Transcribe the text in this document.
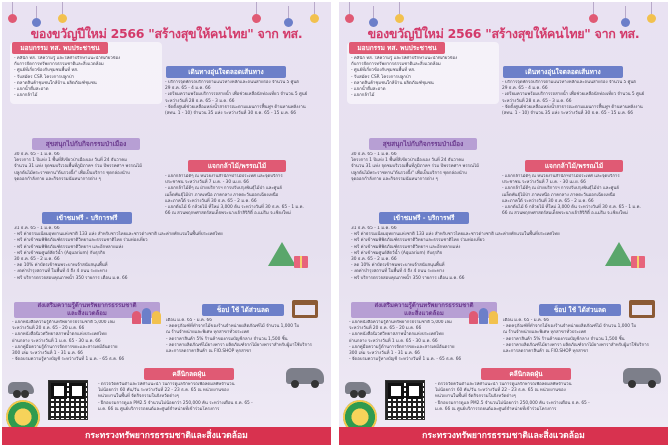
ของขวัญปีใหม่ 2566 "สร้างสุขให้คนไทย" จาก ทส.
มอบกรรม ทส. พบประชาชน
- คลินิก ทส. ให้ความรู้ และให้คำปรึกษาแนะนำที่เกี่ยวข้อง
กับการจัดการทรัพยากรธรรมชาติและสิ่งแวดล้อม
- ศูนย์ที่เกี่ยวข้องกับชุมชนพื้นที่ ทส.
- รับสมัคร CSR โครงการปลูกป่า
- ตลาดสินค้าชุมชนใกล้บ้าน ผลิตภัณฑ์ชุมชน
- แจกน้ำดื่มสะอาด
- แจกกล้าไม้
เดินทางอุ่นใจตลอดเส้นทาง
- บริการจุดพักรถบริการตามแนวทางหลักและถนนสายรอง จำนวน 5 ศูนย์
29 ธ.ค. 65 - 4 ม.ค. 66
- เตรียมความพร้อมบริการรถสายน้ำ เพื่อช่วยเหลือนักท่องเที่ยว จำนวน 5 ศูนย์
ระหว่างวันที่ 28 ธ.ค. 65 - 3 ม.ค. 66
- จัดตั้งศูนย์ช่วยเหลือแหล่งน้ำสาธารณะตามแผนการฟื้นฟูฯ ต้านทานพลังงาน
(สทน. 1 - 10) จำนวน 35 แห่ง ระหว่างวันที่ 30 ธ.ค. 65 - 15 ม.ค. 66
สุขสนุกไปกับกิจกรรมป่าเมือง
30 ธ.ค. 65 - 1 ม.ค. 66
โครงการ 1 ปีแห่ง 1 พื้นที่สีเขียวป่าเมืองเอง วันที่ 24 ธันวาคม
จำนวน 31 แห่ง จุดชมบริเวณพื้นที่ภูมิภาคฯ ร่วม ปีพรรคศาฯ พรรณไม้
ปลูกต้นไม้พระราชทาน"ต้นรวงผึ้ง" เพื่อเป็นบริการ ชุดกล่องนำบ
จุดออกกำลังกาย และกิจกรรมนันทนาการต่าง ๆ
แจกกล้าไม้/พรรณไม้
- แจกกล้าไม้ดีๆ ณ หน่วยงานสำนักฯป่าไม้ประเทศ และจุดบริการ
ประชาชน ระหว่างวันที่ 7 ม.ค. - 30 เม.ย. 66
- แจกกล้าไม้ดีๆ ณ ฝ่ายบริการฯ การปรับปรุงพันธุ์ไม้ป่า และศูนย์
เมล็ดพันธุ์ไม้ป่า ภาคเหนือ ภาคกลาง ภาคตะวันออกเฉียงเหนือ
และภาคใต้ ระหว่างวันที่ 30 ธ.ค. 65 - 2 ม.ค. 66
- แจกต้นไม้ 6 กล้วยไม้ ที่ใหม่ 3,000 ต้น ระหว่างวันที่ 30 ธ.ค. 65 - 1 ม.ค.
66 ณ สวนพฤกษศาสตร์สมเด็จพระนางเจ้าสิริกิติ์ อ.แม่ริม จ.เชียงใหม่
เข้าชมฟรี - บริการฟรี
31 ธ.ค. 65 - 1 ม.ค. 66
- ฟรี ค่าธรรมเนียมอุทยานแห่งชาติ 133 แห่ง สำหรับชาวไทยและชาวต่างชาติ และค่ายพักแรมในพื้นที่ประเทศไทย
- ฟรี ค่าเข้าชมพิพิธภัณฑ์ธรรมชาติวิทยาและธรรมชาติไทย ร่วมท่องเที่ยว
- ฟรี ค่าเข้าชมพิพิธภัณฑ์ธรรมชาติวิทยาฯ และอีกหลายแห่ง
- ฟรี ค่าเข้าชมศูนย์สัตว์น้ำ (Aquarium) กับธุรกิจ
30 ธ.ค. 65 - 2 ม.ค. 66
- ลด 10% ค่าบัตรเข้าชมพระบาทเจ้าสนับสนุนพื้นที่
- งดค่าบำรุงสถานที่ ในพื้นที่ 4 ถึง 4 ถนน ระยะทาง
- ฟรี บริการตรวจสอบคุณภาพน้ำ 350 รายการ เดือน ม.ค. 66
ส่งเสริมความรู้ด้านทรัพยากรธรรมชาติ
และสิ่งแวดล้อม
- แจกหนังสือความรู้ด้านทรัพยากรธรรมชาติ 5,000 เล่ม
ระหว่างวันที่ 20 ธ.ค. 65 - 20 ม.ค. 66
- แจกหนังสือนิเวศวิทยาสภาพน้ำตกแห่งประเทศไทย
ย่านกลาง ระหว่างวันที่ 1 ม.ค. 65 - 30 ม.ค. 66
- แจกคู่มือความรู้ด้านการจัดการขยะและสารเคมีอันตราย
300 เล่ม ระหว่างวันที่ 1 - 31 ม.ค. 66
- จัดอบรมความรู้ทางบัญชี ระหว่างวันที่ 1 ม.ค. - 65 ธ.ค. 66
ช็อป ใช้ ได้ส่วนลด
เดือน ม.ค. 65 - ม.ค. 66
- ลดครุภัณฑ์ที่ทำจากไม้ของร้านจำหน่ายผลิตภัณฑ์ไม้ จำนวน 1,000 ใบ
ณ ร้านจำหน่ายและพิเศษ ทุกสาขาทั่วประเทศ
- ลดราคาสินค้า 5% ร้านค้าของกรมบัญชีกลาง จำนวน 1,500 ชิ้น
- ลดราคาผลิตภัณฑ์ไม้ยางพารา ผลิตภัณฑ์จากไม้ยางพาราสำหรับผู้มาใช้บริการ
และการลดราคาสินค้า ณ FIO.SHOP ทุกสาขา
คลีนิกลดฝุ่น
- ตรวจวัดควันดำและให้คำแนะนำ ในการดูแลรักษารถเพื่อลดมลพิษจำนวน
ไม่น้อยกว่า 60 คัน/วัน ระหว่างวันที่ 22 - 23 ธ.ค. 65 ณ หน่วยงานของ
หน่วยงานในพื้นที่ จัดกิจกรรมในจังหวัดต่างๆ
- ฝึกอบรมการดูแล PM2.5 จำนวนไม่น้อยกว่า 250,000 คัน ระหว่างเดือน ธ.ค. 65 -
ม.ค. 66 ณ ศูนย์บริการรถยนต์และศูนย์จำหน่ายที่เข้าร่วมโครงการ
กระทรวงทรัพยากรธรรมชาติและสิ่งแวดล้อม
ของขวัญปีใหม่ 2566 "สร้างสุขให้คนไทย" จาก ทส.
มอบกรรม ทส. พบประชาชน
- คลินิก ทส. ให้ความรู้ และให้คำปรึกษาแนะนำที่เกี่ยวข้อง
กับการจัดการทรัพยากรธรรมชาติและสิ่งแวดล้อม
- ศูนย์ที่เกี่ยวข้องกับชุมชนพื้นที่ ทส.
- รับสมัคร CSR โครงการปลูกป่า
- ตลาดสินค้าชุมชนใกล้บ้าน ผลิตภัณฑ์ชุมชน
- แจกน้ำดื่มสะอาด
- แจกกล้าไม้
เดินทางอุ่นใจตลอดเส้นทาง
- บริการจุดพักรถบริการตามแนวทางหลักและถนนสายรอง จำนวน 5 ศูนย์
29 ธ.ค. 65 - 4 ม.ค. 66
- เตรียมความพร้อมบริการรถสายน้ำ เพื่อช่วยเหลือนักท่องเที่ยว จำนวน 5 ศูนย์
ระหว่างวันที่ 28 ธ.ค. 65 - 3 ม.ค. 66
- จัดตั้งศูนย์ช่วยเหลือแหล่งน้ำสาธารณะตามแผนการฟื้นฟูฯ ต้านทานพลังงาน
(สทน. 1 - 10) จำนวน 35 แห่ง ระหว่างวันที่ 30 ธ.ค. 65 - 15 ม.ค. 66
สุขสนุกไปกับกิจกรรมป่าเมือง
30 ธ.ค. 65 - 1 ม.ค. 66
โครงการ 1 ปีแห่ง 1 พื้นที่สีเขียวป่าเมืองเอง วันที่ 24 ธันวาคม
จำนวน 31 แห่ง จุดชมบริเวณพื้นที่ภูมิภาคฯ ร่วม ปีพรรคศาฯ พรรณไม้
ปลูกต้นไม้พระราชทาน"ต้นรวงผึ้ง" เพื่อเป็นบริการ ชุดกล่องนำบ
จุดออกกำลังกาย และกิจกรรมนันทนาการต่าง ๆ
แจกกล้าไม้/พรรณไม้
- แจกกล้าไม้ดีๆ ณ หน่วยงานสำนักฯป่าไม้ประเทศ และจุดบริการ
ประชาชน ระหว่างวันที่ 7 ม.ค. - 30 เม.ย. 66
- แจกกล้าไม้ดีๆ ณ ฝ่ายบริการฯ การปรับปรุงพันธุ์ไม้ป่า และศูนย์
เมล็ดพันธุ์ไม้ป่า ภาคเหนือ ภาคกลาง ภาคตะวันออกเฉียงเหนือ
และภาคใต้ ระหว่างวันที่ 30 ธ.ค. 65 - 2 ม.ค. 66
- แจกต้นไม้ 6 กล้วยไม้ ที่ใหม่ 3,000 ต้น ระหว่างวันที่ 30 ธ.ค. 65 - 1 ม.ค.
66 ณ สวนพฤกษศาสตร์สมเด็จพระนางเจ้าสิริกิติ์ อ.แม่ริม จ.เชียงใหม่
เข้าชมฟรี - บริการฟรี
31 ธ.ค. 65 - 1 ม.ค. 66
- ฟรี ค่าธรรมเนียมอุทยานแห่งชาติ 133 แห่ง สำหรับชาวไทยและชาวต่างชาติ และค่ายพักแรมในพื้นที่ประเทศไทย
- ฟรี ค่าเข้าชมพิพิธภัณฑ์ธรรมชาติวิทยาและธรรมชาติไทย ร่วมท่องเที่ยว
- ฟรี ค่าเข้าชมพิพิธภัณฑ์ธรรมชาติวิทยาฯ และอีกหลายแห่ง
- ฟรี ค่าเข้าชมศูนย์สัตว์น้ำ (Aquarium) กับธุรกิจ
30 ธ.ค. 65 - 2 ม.ค. 66
- ลด 10% ค่าบัตรเข้าชมพระบาทเจ้าสนับสนุนพื้นที่
- งดค่าบำรุงสถานที่ ในพื้นที่ 4 ถึง 4 ถนน ระยะทาง
- ฟรี บริการตรวจสอบคุณภาพน้ำ 350 รายการ เดือน ม.ค. 66
ส่งเสริมความรู้ด้านทรัพยากรธรรมชาติ
และสิ่งแวดล้อม
- แจกหนังสือความรู้ด้านทรัพยากรธรรมชาติ 5,000 เล่ม
ระหว่างวันที่ 20 ธ.ค. 65 - 20 ม.ค. 66
- แจกหนังสือนิเวศวิทยาสภาพน้ำตกแห่งประเทศไทย
ย่านกลาง ระหว่างวันที่ 1 ม.ค. 65 - 30 ม.ค. 66
- แจกคู่มือความรู้ด้านการจัดการขยะและสารเคมีอันตราย
300 เล่ม ระหว่างวันที่ 1 - 31 ม.ค. 66
- จัดอบรมความรู้ทางบัญชี ระหว่างวันที่ 1 ม.ค. - 65 ธ.ค. 66
ช็อป ใช้ ได้ส่วนลด
เดือน ม.ค. 65 - ม.ค. 66
- ลดครุภัณฑ์ที่ทำจากไม้ของร้านจำหน่ายผลิตภัณฑ์ไม้ จำนวน 1,000 ใบ
ณ ร้านจำหน่ายและพิเศษ ทุกสาขาทั่วประเทศ
- ลดราคาสินค้า 5% ร้านค้าของกรมบัญชีกลาง จำนวน 1,500 ชิ้น
- ลดราคาผลิตภัณฑ์ไม้ยางพารา ผลิตภัณฑ์จากไม้ยางพาราสำหรับผู้มาใช้บริการ
และการลดราคาสินค้า ณ FIO.SHOP ทุกสาขา
คลีนิกลดฝุ่น
- ตรวจวัดควันดำและให้คำแนะนำ ในการดูแลรักษารถเพื่อลดมลพิษจำนวน
ไม่น้อยกว่า 60 คัน/วัน ระหว่างวันที่ 22 - 23 ธ.ค. 65 ณ หน่วยงานของ
หน่วยงานในพื้นที่ จัดกิจกรรมในจังหวัดต่างๆ
- ฝึกอบรมการดูแล PM2.5 จำนวนไม่น้อยกว่า 250,000 คัน ระหว่างเดือน ธ.ค. 65 -
ม.ค. 66 ณ ศูนย์บริการรถยนต์และศูนย์จำหน่ายที่เข้าร่วมโครงการ
กระทรวงทรัพยากรธรรมชาติและสิ่งแวดล้อม
